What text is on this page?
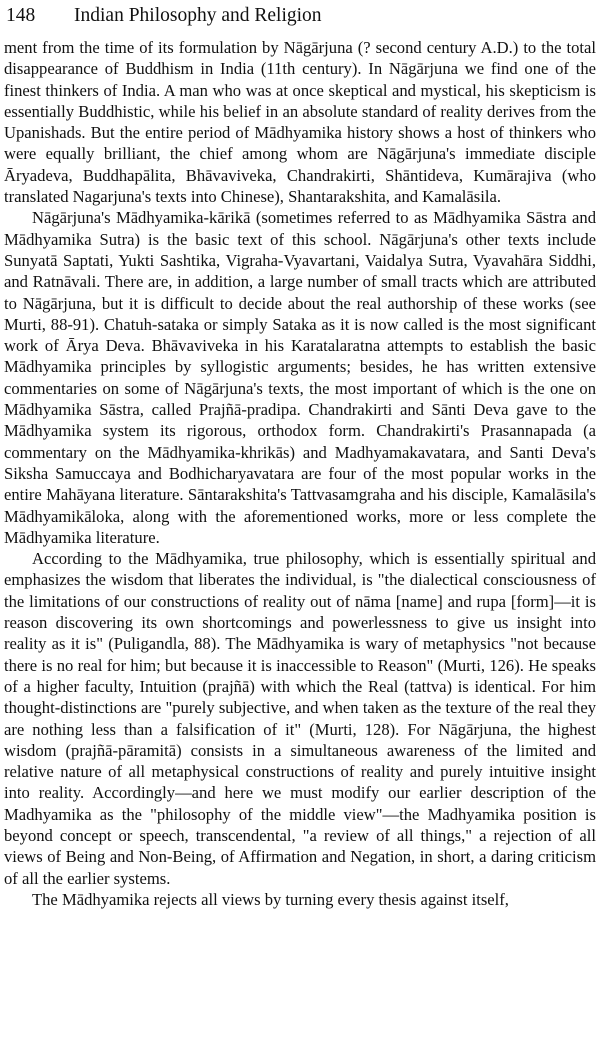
148 Indian Philosophy and Religion

ment from the time of its formulation by Nāgārjuna (? second century A.D.) to the total disappearance of Buddhism in India (11th century). In Nāgārjuna we find one of the finest thinkers of India. A man who was at once skeptical and mystical, his skepticism is essentially Buddhistic, while his belief in an absolute standard of reality derives from the Upanishads. But the entire period of Mādhyamika history shows a host of thinkers who were equally brilliant, the chief among whom are Nāgārjuna's immediate disciple Āryadeva, Buddhapālita, Bhāvaviveka, Chandrakirti, Shāntideva, Kumārajiva (who translated Nagarjuna's texts into Chinese), Shantarakshita, and Kamalāsila.

Nāgārjuna's Mādhyamika-kārikā (sometimes referred to as Mādhyamika Sāstra and Mādhyamika Sutra) is the basic text of this school. Nāgārjuna's other texts include Sunyatā Saptati, Yukti Sashtika, Vigraha-Vyavartani, Vaidalya Sutra, Vyavahāra Siddhi, and Ratnāvali. There are, in addition, a large number of small tracts which are attributed to Nāgārjuna, but it is difficult to decide about the real authorship of these works (see Murti, 88-91). Chatuh-sataka or simply Sataka as it is now called is the most significant work of Ārya Deva. Bhāvaviveka in his Karatalaratna attempts to establish the basic Mādhyamika principles by syllogistic arguments; besides, he has written extensive commentaries on some of Nāgārjuna's texts, the most important of which is the one on Mādhyamika Sāstra, called Prajñā-pradipa. Chandrakirti and Sānti Deva gave to the Mādhyamika system its rigorous, orthodox form. Chandrakirti's Prasannapada (a commentary on the Mādhyamika-khrikās) and Madhyamakavatara, and Santi Deva's Siksha Samuccaya and Bodhicharyavatara are four of the most popular works in the entire Mahāyana literature. Sāntarakshita's Tattvasamgraha and his disciple, Kamalāsila's Mādhyamikāloka, along with the aforementioned works, more or less complete the Mādhyamika literature.

According to the Mādhyamika, true philosophy, which is essentially spiritual and emphasizes the wisdom that liberates the individual, is "the dialectical consciousness of the limitations of our constructions of reality out of nāma [name] and rupa [form]—it is reason discovering its own shortcomings and powerlessness to give us insight into reality as it is" (Puligandla, 88). The Mādhyamika is wary of metaphysics "not because there is no real for him; but because it is inaccessible to Reason" (Murti, 126). He speaks of a higher faculty, Intuition (prajñā) with which the Real (tattva) is identical. For him thought-distinctions are "purely subjective, and when taken as the texture of the real they are nothing less than a falsification of it" (Murti, 128). For Nāgārjuna, the highest wisdom (prajñā-pāramitā) consists in a simultaneous awareness of the limited and relative nature of all metaphysical constructions of reality and purely intuitive insight into reality. Accordingly—and here we must modify our earlier description of the Madhyamika as the "philosophy of the middle view"—the Madhyamika position is beyond concept or speech, transcendental, "a review of all things," a rejection of all views of Being and Non-Being, of Affirmation and Negation, in short, a daring criticism of all the earlier systems.

The Mādhyamika rejects all views by turning every thesis against itself,
